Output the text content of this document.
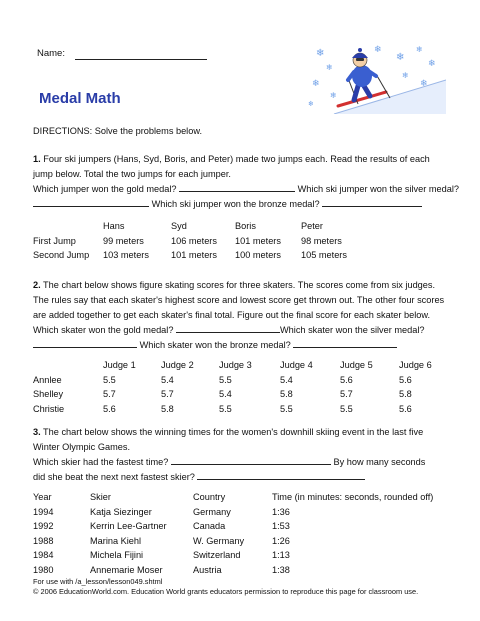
Name:	❄
❄
❄
❄
❄
❄
❄
❄
❄
❄
❄
Medal Math
DIRECTIONS: Solve the problems below.
1. Four ski jumpers (Hans, Syd, Boris, and Peter) made two jumps each. Read the results of each
jump below. Total the two jumps for each jumper.
Which jumper won the gold medal?	Which ski jumper won the silver medal?
Which ski jumper won the bronze medal?
	Hans	Syd	Boris	Peter
First Jump	99 meters	106 meters	101 meters	98 meters
Second Jump	103 meters	101 meters	100 meters	105 meters
2. The chart below shows figure skating scores for three skaters. The scores come from six judges.
The rules say that each skater's highest score and lowest score get thrown out. The other four scores
are added together to get each skater's final total. Figure out the final score for each skater below.
Which skater won the gold medal?	Which skater won the silver medal?
Which skater won the bronze medal?
	Judge 1	Judge 2	Judge 3	Judge 4	Judge 5	Judge 6
Annlee	5.5	5.4	5.5	5.4	5.6	5.6
Shelley	5.7	5.7	5.4	5.8	5.7	5.8
Christie	5.6	5.8	5.5	5.5	5.5	5.6
3. The chart below shows the winning times for the women's downhill skiing event in the last five
Winter Olympic Games.
Which skier had the fastest time?	By how many seconds
did she beat the next next fastest skier?
Year	Skier	Country	Time (in minutes: seconds, rounded off)
1994	Katja Siezinger	Germany	1:36
1992	Kerrin Lee-Gartner	Canada	1:53
1988	Marina Kiehl	W. Germany	1:26
1984	Michela Fijini	Switzerland	1:13
1980	Annemarie Moser	Austria	1:38
For use with /a_lesson/lesson049.shtml
© 2006 EducationWorld.com. Education World grants educators permission to reproduce this page for classroom use.
